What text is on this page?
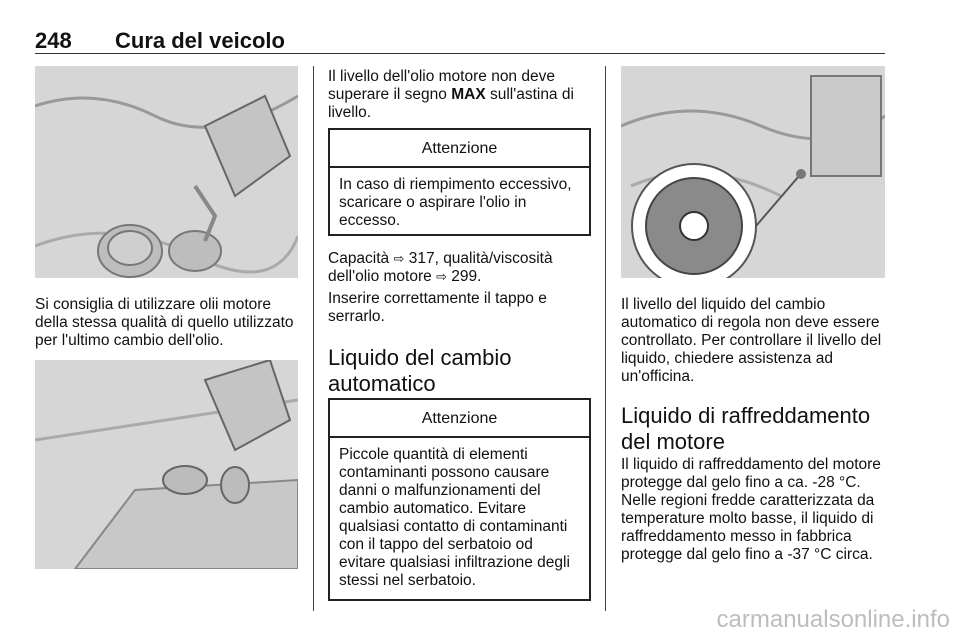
248 Cura del veicolo

Si consiglia di utilizzare olii motore della stessa qualità di quello utilizzato per l'ultimo cambio dell'olio.

Il livello dell'olio motore non deve superare il segno MAX sull'astina di livello.

Attenzione
In caso di riempimento eccessivo, scaricare o aspirare l'olio in eccesso.

Capacità ⇨ 317, qualità/viscosità dell'olio motore ⇨ 299.

Inserire correttamente il tappo e serrarlo.

Liquido del cambio automatico
Attenzione
Piccole quantità di elementi contaminanti possono causare danni o malfunzionamenti del cambio automatico. Evitare qualsiasi contatto di contaminanti con il tappo del serbatoio od evitare qualsiasi infiltrazione degli stessi nel serbatoio.

Il livello del liquido del cambio automatico di regola non deve essere controllato. Per controllare il livello del liquido, chiedere assistenza ad un'officina.

Liquido di raffreddamento del motore

Il liquido di raffreddamento del motore protegge dal gelo fino a ca. -28 °C. Nelle regioni fredde caratterizzata da temperature molto basse, il liquido di raffreddamento messo in fabbrica protegge dal gelo fino a -37 °C circa.

carmanualsonline.info
